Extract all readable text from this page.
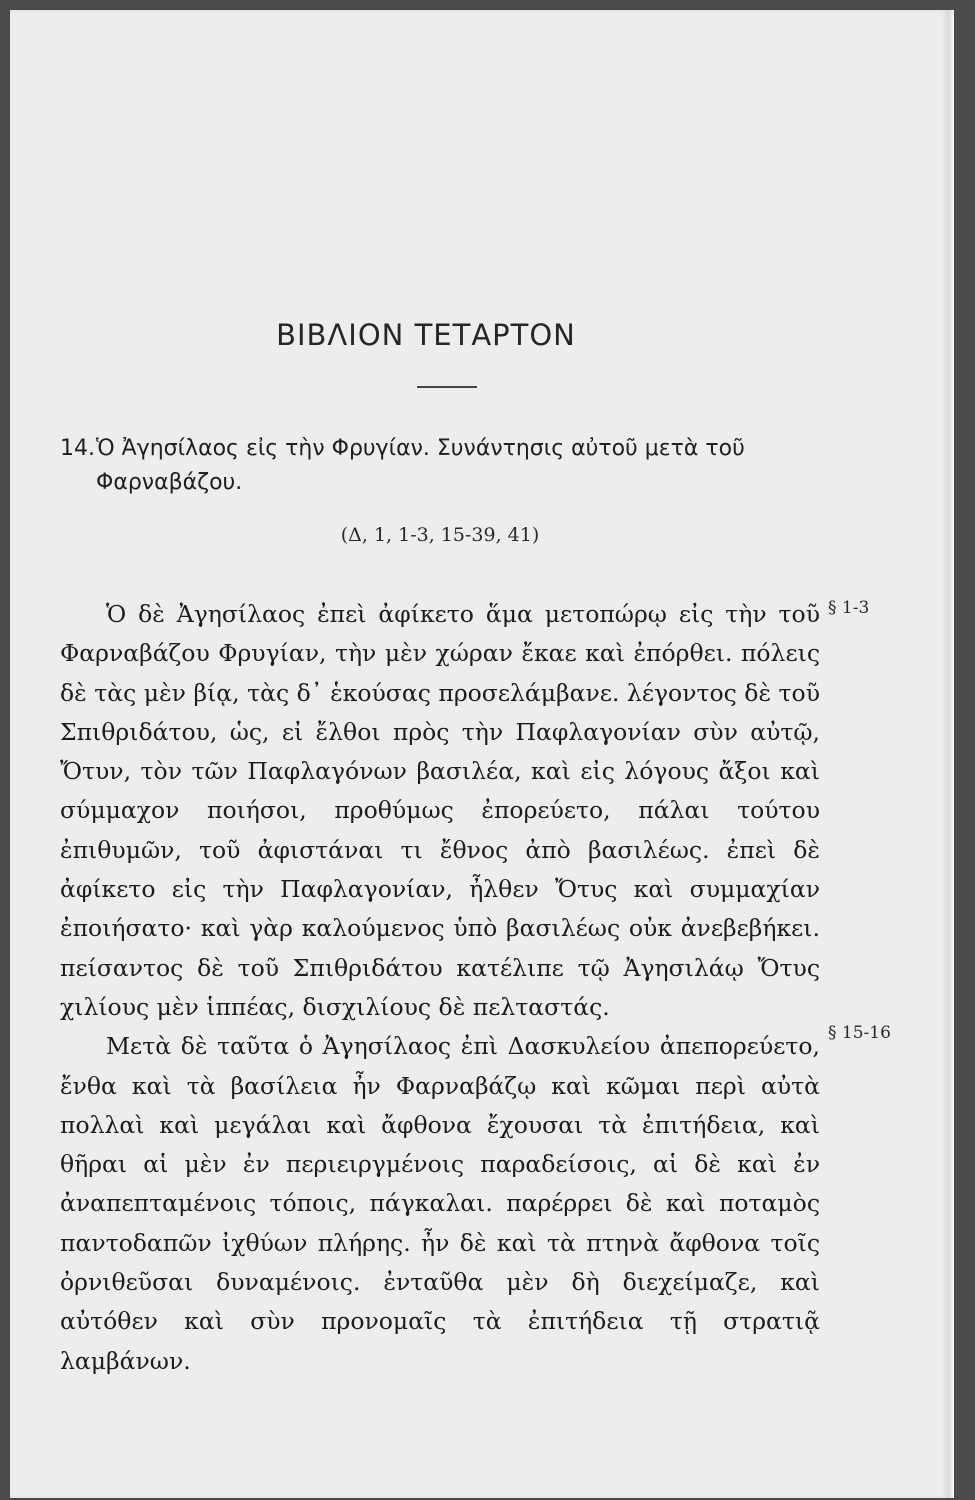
ΒΙΒΛΙΟΝ ΤΕΤΑΡΤΟΝ
14. Ὁ Ἀγησίλαος εἰς τὴν Φρυγίαν. Συνάντησις αὐτοῦ μετὰ τοῦ Φαρναβάζου.
(Δ, 1, 1-3, 15-39, 41)

Ὁ δὲ Ἀγησίλαος ἐπεὶ ἀφίκετο ἅμα μετοπώρῳ εἰς τὴν τοῦ Φαρναβάζου Φρυγίαν, τὴν μὲν χώραν ἔκαε καὶ ἐπόρθει. πόλεις δὲ τὰς μὲν βίᾳ, τὰς δ᾽ ἑκούσας προσελάμβανε. λέγοντος δὲ τοῦ Σπιθριδάτου, ὡς, εἰ ἔλθοι πρὸς τὴν Παφλαγονίαν σὺν αὐτῷ, Ὄτυν, τὸν τῶν Παφλαγόνων βασιλέα, καὶ εἰς λόγους ἄξοι καὶ σύμμαχον ποιήσοι, προθύμως ἐπορεύετο, πάλαι τούτου ἐπιθυμῶν, τοῦ ἀφιστάναι τι ἔθνος ἀπὸ βασιλέως. ἐπεὶ δὲ ἀφίκετο εἰς τὴν Παφλαγονίαν, ἦλθεν Ὄτυς καὶ συμμαχίαν ἐποιήσατο· καὶ γὰρ καλούμενος ὑπὸ βασιλέως οὐκ ἀνεβεβήκει. πείσαντος δὲ τοῦ Σπιθριδάτου κατέλιπε τῷ Ἀγησιλάῳ Ὄτυς χιλίους μὲν ἱππέας, δισχιλίους δὲ πελταστάς.

Μετὰ δὲ ταῦτα ὁ Ἀγησίλαος ἐπὶ Δασκυλείου ἀπεπορεύετο, ἔνθα καὶ τὰ βασίλεια ἦν Φαρναβάζῳ καὶ κῶμαι περὶ αὐτὰ πολλαὶ καὶ μεγάλαι καὶ ἄφθονα ἔχουσαι τὰ ἐπιτήδεια, καὶ θῆραι αἱ μὲν ἐν περιειργμένοις παραδείσοις, αἱ δὲ καὶ ἐν ἀναπεπταμένοις τόποις, πάγκαλαι. παρέρρει δὲ καὶ ποταμὸς παντοδαπῶν ἰχθύων πλήρης. ἦν δὲ καὶ τὰ πτηνὰ ἄφθονα τοῖς ὀρνιθεῦσαι δυναμένοις. ἐνταῦθα μὲν δὴ διεχείμαζε, καὶ αὐτόθεν καὶ σὺν προνομαῖς τὰ ἐπιτήδεια τῇ στρατιᾷ λαμβάνων.

§ 1-3
§ 15-16
